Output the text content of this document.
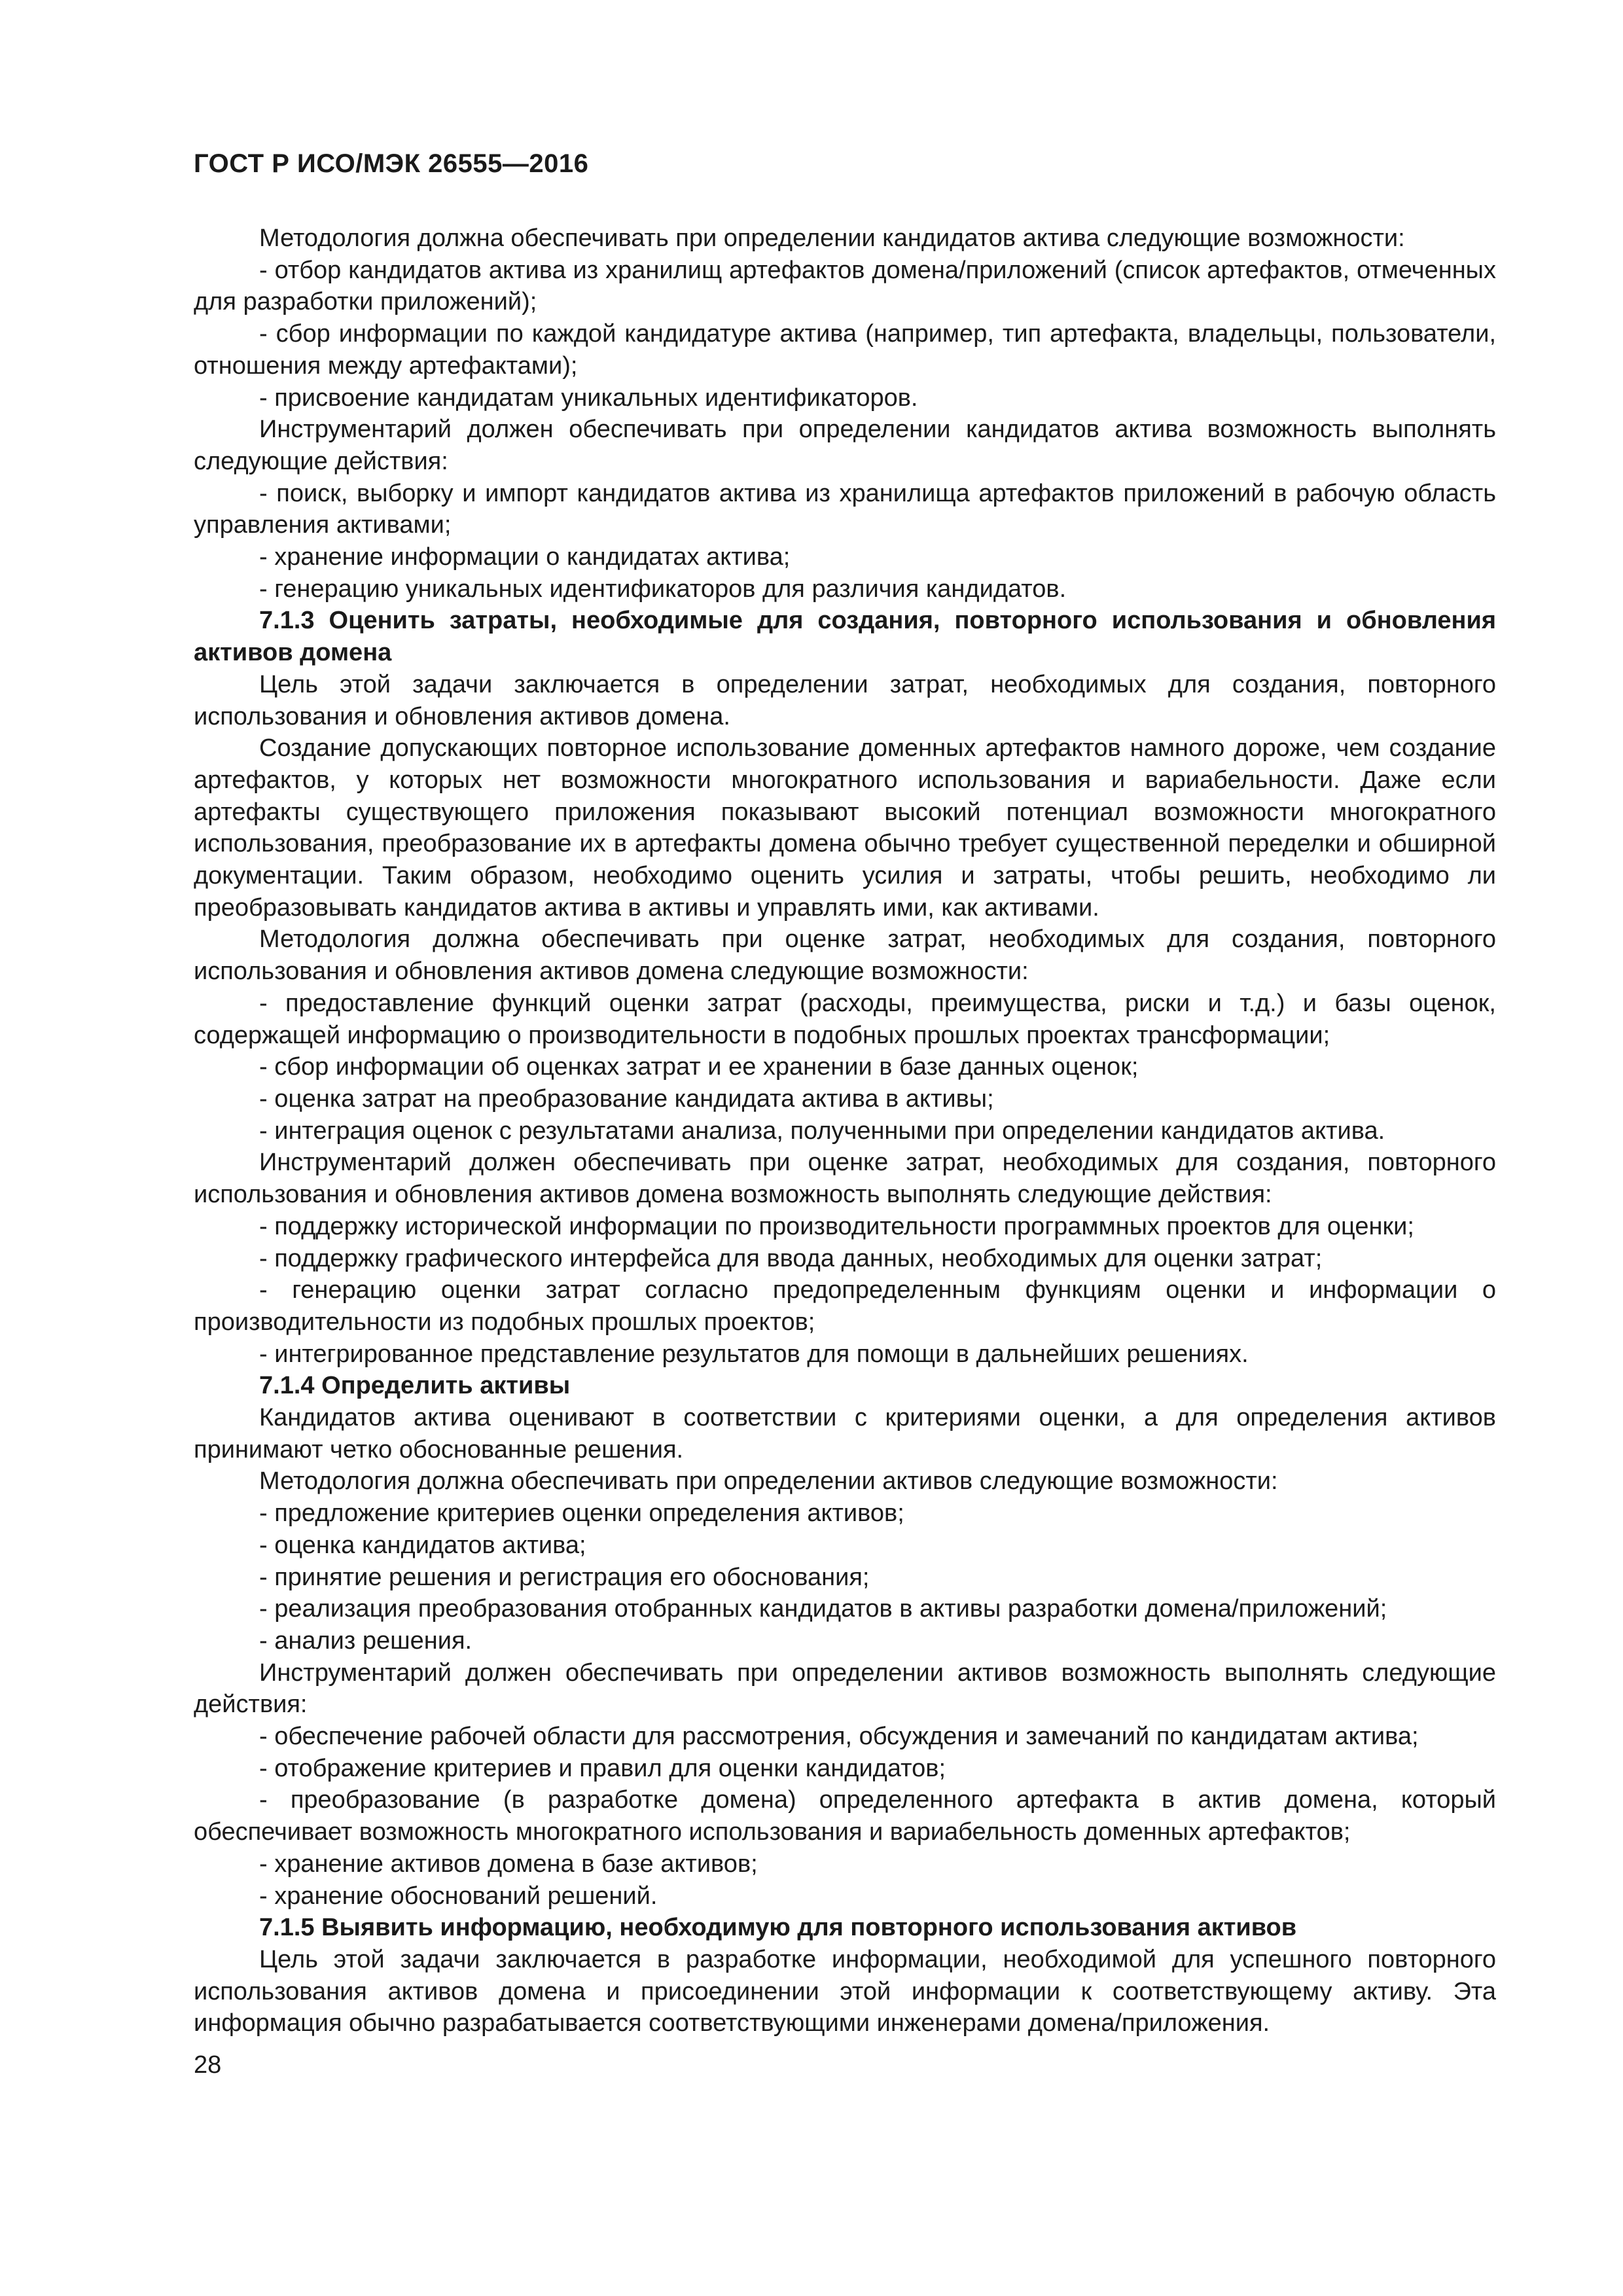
ГОСТ Р ИСО/МЭК 26555—2016

Методология должна обеспечивать при определении кандидатов актива следующие возможности:

- отбор кандидатов актива из хранилищ артефактов домена/приложений (список артефактов, отмеченных для разработки приложений);

- сбор информации по каждой кандидатуре актива (например, тип артефакта, владельцы, пользователи, отношения между артефактами);

- присвоение кандидатам уникальных идентификаторов.

Инструментарий должен обеспечивать при определении кандидатов актива возможность выполнять следующие действия:

- поиск, выборку и импорт кандидатов актива из хранилища артефактов приложений в рабочую область управления активами;

- хранение информации о кандидатах актива;

- генерацию уникальных идентификаторов для различия кандидатов.

7.1.3 Оценить затраты, необходимые для создания, повторного использования и обновления активов домена

Цель этой задачи заключается в определении затрат, необходимых для создания, повторного использования и обновления активов домена.

Создание допускающих повторное использование доменных артефактов намного дороже, чем создание артефактов, у которых нет возможности многократного использования и вариабельности. Даже если артефакты существующего приложения показывают высокий потенциал возможности многократного использования, преобразование их в артефакты домена обычно требует существенной переделки и обширной документации. Таким образом, необходимо оценить усилия и затраты, чтобы решить, необходимо ли преобразовывать кандидатов актива в активы и управлять ими, как активами.

Методология должна обеспечивать при оценке затрат, необходимых для создания, повторного использования и обновления активов домена следующие возможности:

- предоставление функций оценки затрат (расходы, преимущества, риски и т.д.) и базы оценок, содержащей информацию о производительности в подобных прошлых проектах трансформации;

- сбор информации об оценках затрат и ее хранении в базе данных оценок;

- оценка затрат на преобразование кандидата актива в активы;

- интеграция оценок с результатами анализа, полученными при определении кандидатов актива.

Инструментарий должен обеспечивать при оценке затрат, необходимых для создания, повторного использования и обновления активов домена возможность выполнять следующие действия:

- поддержку исторической информации по производительности программных проектов для оценки;

- поддержку графического интерфейса для ввода данных, необходимых для оценки затрат;

- генерацию оценки затрат согласно предопределенным функциям оценки и информации о производительности из подобных прошлых проектов;

- интегрированное представление результатов для помощи в дальнейших решениях.

7.1.4 Определить активы

Кандидатов актива оценивают в соответствии с критериями оценки, а для определения активов принимают четко обоснованные решения.

Методология должна обеспечивать при определении активов следующие возможности:

- предложение критериев оценки определения активов;

- оценка кандидатов актива;

- принятие решения и регистрация его обоснования;

- реализация преобразования отобранных кандидатов в активы разработки домена/приложений;

- анализ решения.

Инструментарий должен обеспечивать при определении активов возможность выполнять следующие действия:

- обеспечение рабочей области для рассмотрения, обсуждения и замечаний по кандидатам актива;

- отображение критериев и правил для оценки кандидатов;

- преобразование (в разработке домена) определенного артефакта в актив домена, который обеспечивает возможность многократного использования и вариабельность доменных артефактов;

- хранение активов домена в базе активов;

- хранение обоснований решений.

7.1.5 Выявить информацию, необходимую для повторного использования активов

Цель этой задачи заключается в разработке информации, необходимой для успешного повторного использования активов домена и присоединении этой информации к соответствующему активу. Эта информация обычно разрабатывается соответствующими инженерами домена/приложения.

28
